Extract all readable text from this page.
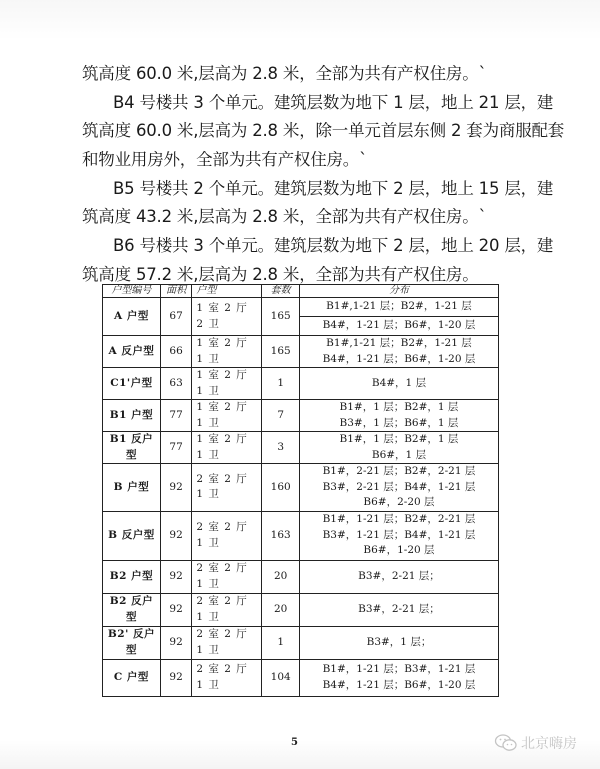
筑高度 60.0 米,层高为 2.8 米，全部为共有产权住房。`
B4 号楼共 3 个单元。建筑层数为地下 1 层，地上 21 层，建
筑高度 60.0 米,层高为 2.8 米，除一单元首层东侧 2 套为商服配套
和物业用房外，全部为共有产权住房。`
B5 号楼共 2 个单元。建筑层数为地下 2 层，地上 15 层，建
筑高度 43.2 米,层高为 2.8 米，全部为共有产权住房。`
B6 号楼共 3 个单元。建筑层数为地下 2 层，地上 20 层，建
筑高度 57.2 米,层高为 2.8 米，全部为共有产权住房。
户型编号	面积	户型	套数	分布
A 户型	67	1 室 2 厅 2 卫	165	B1#,1-21 层；B2#，1-21 层
				B4#，1-21 层；B6#，1-20 层
A 反户型	66	1 室 2 厅 1 卫	165	B1#,1-21 层；B2#，1-21 层
B4#，1-21 层；B6#，1-20 层

C1'户型	63	1 室 2 厅 1 卫	1	B4#，1 层

B1 户型	77	1 室 2 厅 1 卫	7	B1#，1 层；B2#，1 层
B3#，1 层；B6#，1 层

B1 反户型	77	1 室 2 厅 1 卫	3	B1#，1 层；B2#，1 层
B6#，1 层

B 户型	92	2 室 2 厅 1 卫	160	B1#，2-21 层；B2#，2-21 层
B3#，2-21 层；B4#，1-21 层
B6#，2-20 层

B 反户型	92	2 室 2 厅 1 卫	163	B1#，1-21 层；B2#，2-21 层
B3#，1-21 层；B4#，1-21 层
B6#，1-20 层

B2 户型	92	2 室 2 厅 1 卫	20	B3#，2-21 层；

B2 反户型	92	2 室 2 厅 1 卫	20	B3#，2-21 层；

B2' 反户型	92	2 室 2 厅 1 卫	1	B3#，1 层；

C 户型	92	2 室 2 厅 1 卫	104	B1#，1-21 层；B3#，1-21 层
B4#，1-21 层；B6#，1-20 层
5	北京嗨房
